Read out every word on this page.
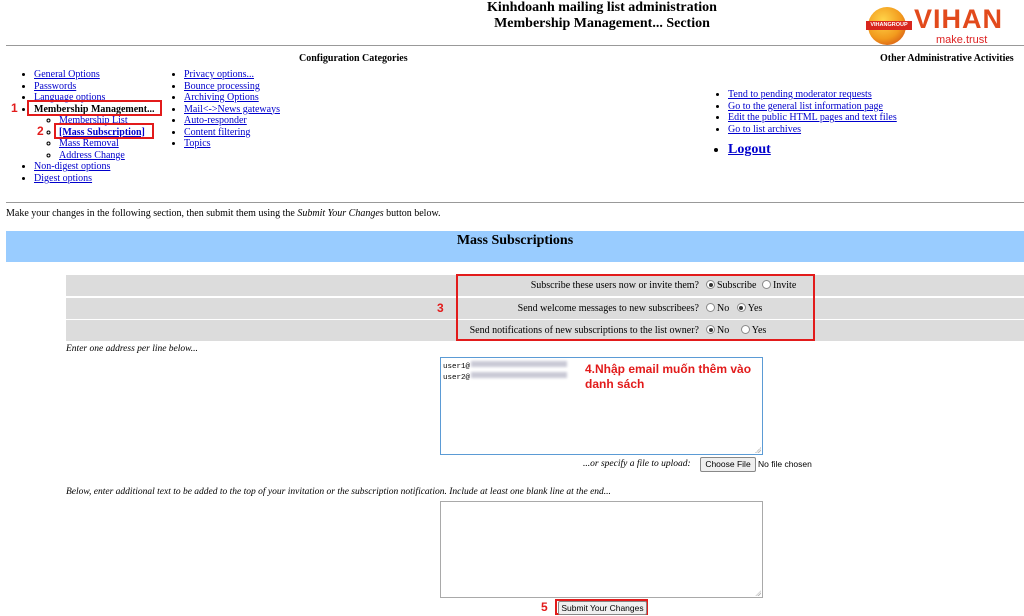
Kinhdoanh mailing list administration
Membership Management... Section	VIHANGROUP VIHAN
make.trust
Configuration Categories	Other Administrative Activities
• General Options
• Passwords
• Language options
• Membership Management...
◦ Membership List
◦ [Mass Subscription]
◦ Mass Removal
◦ Address Change
• Non-digest options
• Digest options
• Privacy options...
• Bounce processing
• Archiving Options
• Mail<->News gateways
• Auto-responder
• Content filtering
• Topics
1
2
• Tend to pending moderator requests
• Go to the general list information page
• Edit the public HTML pages and text files
• Go to list archives
• Logout
Make your changes in the following section, then submit them using the Submit Your Changes button below.
Mass Subscriptions
Subscribe these users now or invite them?	Subscribe Invite
Send welcome messages to new subscribees?	No Yes
Send notifications of new subscriptions to the list owner?	No Yes
3
Enter one address per line below...
user1@
user2@
4.Nhập email muốn thêm vào danh sách
...or specify a file to upload:	Choose File No file chosen
Below, enter additional text to be added to the top of your invitation or the subscription notification. Include at least one blank line at the end...
5	Submit Your Changes
